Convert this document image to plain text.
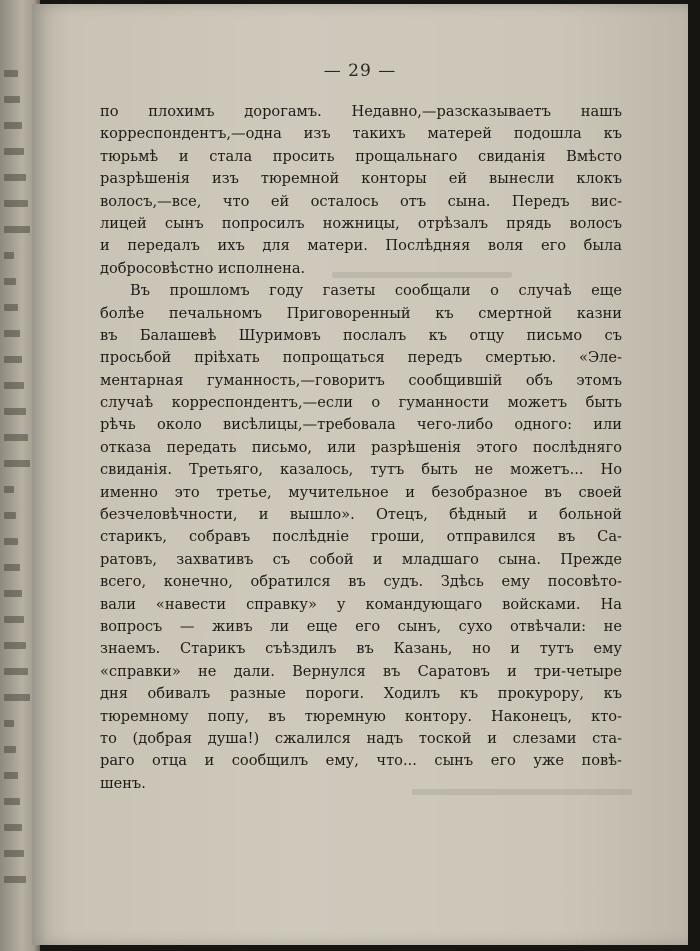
— 29 —
по плохимъ дорогамъ. Недавно,—разсказываетъ нашъ
корреспондентъ,—одна изъ такихъ матерей подошла къ
тюрьмѣ и стала просить прощальнаго свиданія Вмѣсто
разрѣшенія изъ тюремной конторы ей вынесли клокъ
волосъ,—все, что ей осталось отъ сына. Передъ вис-
лицей сынъ попросилъ ножницы, отрѣзалъ прядь волосъ
и передалъ ихъ для матери. Послѣдняя воля его была
добросовѣстно исполнена.
Въ прошломъ году газеты сообщали о случаѣ еще
болѣе печальномъ Приговоренный къ смертной казни
въ Балашевѣ Шуримовъ послалъ къ отцу письмо съ
просьбой пріѣхать попрощаться передъ смертью. «Эле-
ментарная гуманность,—говоритъ сообщившій объ этомъ
случаѣ корреспондентъ,—если о гуманности можетъ быть
рѣчь около висѣлицы,—требовала чего-либо одного: или
отказа передать письмо, или разрѣшенія этого послѣдняго
свиданія. Третьяго, казалось, тутъ быть не можетъ... Но
именно это третье, мучительное и безобразное въ своей
безчеловѣчности, и вышло». Отецъ, бѣдный и больной
старикъ, собравъ послѣдніе гроши, отправился въ Са-
ратовъ, захвативъ съ собой и младшаго сына. Прежде
всего, конечно, обратился въ судъ. Здѣсь ему посовѣто-
вали «навести справку» у командующаго войсками. На
вопросъ — живъ ли еще его сынъ, сухо отвѣчали: не
знаемъ. Старикъ съѣздилъ въ Казань, но и тутъ ему
«справки» не дали. Вернулся въ Саратовъ и три-четыре
дня обивалъ разные пороги. Ходилъ къ прокурору, къ
тюремному попу, въ тюремную контору. Наконецъ, кто-
то (добрая душа!) сжалился надъ тоской и слезами ста-
раго отца и сообщилъ ему, что... сынъ его уже повѣ-
шенъ.
